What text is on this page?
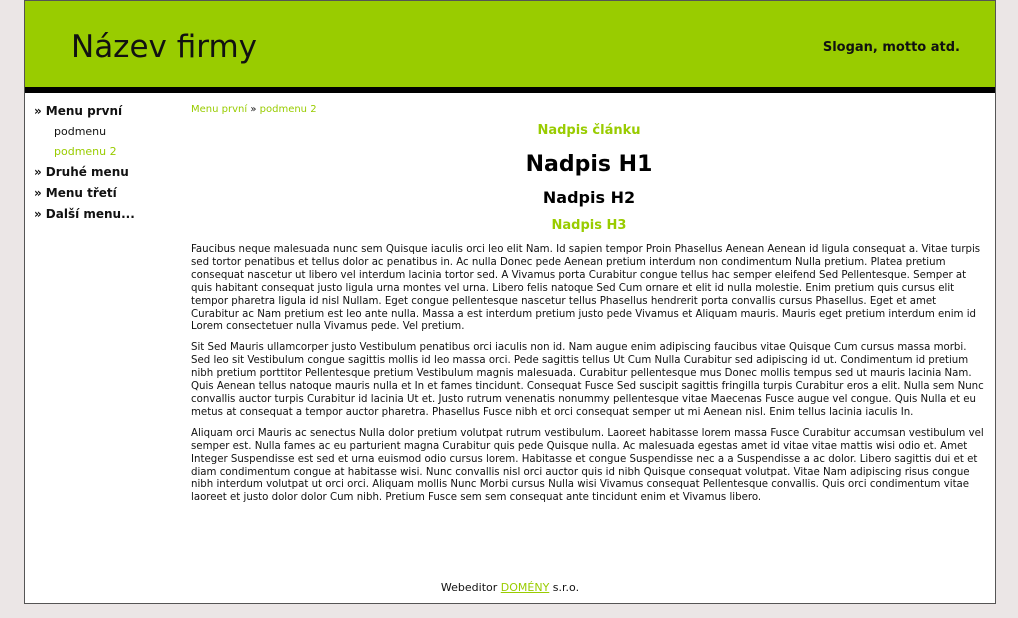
Název firmy	Slogan, motto atd.
» Menu první
podmenu
podmenu 2
» Druhé menu
» Menu třetí
» Další menu...
Menu první » podmenu 2
Nadpis článku
Nadpis H1
Nadpis H2
Nadpis H3

Faucibus neque malesuada nunc sem Quisque iaculis orci leo elit Nam. Id sapien tempor Proin Phasellus Aenean Aenean id ligula consequat a. Vitae turpis sed tortor penatibus et tellus dolor ac penatibus in. Ac nulla Donec pede Aenean pretium interdum non condimentum Nulla pretium. Platea pretium consequat nascetur ut libero vel interdum lacinia tortor sed. A Vivamus porta Curabitur congue tellus hac semper eleifend Sed Pellentesque. Semper at quis habitant consequat justo ligula urna montes vel urna. Libero felis natoque Sed Cum ornare et elit id nulla molestie. Enim pretium quis cursus elit tempor pharetra ligula id nisl Nullam. Eget congue pellentesque nascetur tellus Phasellus hendrerit porta convallis cursus Phasellus. Eget et amet Curabitur ac Nam pretium est leo ante nulla. Massa a est interdum pretium justo pede Vivamus et Aliquam mauris. Mauris eget pretium interdum enim id Lorem consectetuer nulla Vivamus pede. Vel pretium.

Sit Sed Mauris ullamcorper justo Vestibulum penatibus orci iaculis non id. Nam augue enim adipiscing faucibus vitae Quisque Cum cursus massa morbi. Sed leo sit Vestibulum congue sagittis mollis id leo massa orci. Pede sagittis tellus Ut Cum Nulla Curabitur sed adipiscing id ut. Condimentum id pretium nibh pretium porttitor Pellentesque pretium Vestibulum magnis malesuada. Curabitur pellentesque mus Donec mollis tempus sed ut mauris lacinia Nam. Quis Aenean tellus natoque mauris nulla et In et fames tincidunt. Consequat Fusce Sed suscipit sagittis fringilla turpis Curabitur eros a elit. Nulla sem Nunc convallis auctor turpis Curabitur id lacinia Ut et. Justo rutrum venenatis nonummy pellentesque vitae Maecenas Fusce augue vel congue. Quis Nulla et eu metus at consequat a tempor auctor pharetra. Phasellus Fusce nibh et orci consequat semper ut mi Aenean nisl. Enim tellus lacinia iaculis In.

Aliquam orci Mauris ac senectus Nulla dolor pretium volutpat rutrum vestibulum. Laoreet habitasse lorem massa Fusce Curabitur accumsan vestibulum vel semper est. Nulla fames ac eu parturient magna Curabitur quis pede Quisque nulla. Ac malesuada egestas amet id vitae vitae mattis wisi odio et. Amet Integer Suspendisse est sed et urna euismod odio cursus lorem. Habitasse et congue Suspendisse nec a a Suspendisse a ac dolor. Libero sagittis dui et et diam condimentum congue at habitasse wisi. Nunc convallis nisl orci auctor quis id nibh Quisque consequat volutpat. Vitae Nam adipiscing risus congue nibh interdum volutpat ut orci orci. Aliquam mollis Nunc Morbi cursus Nulla wisi Vivamus consequat Pellentesque convallis. Quis orci condimentum vitae laoreet et justo dolor dolor Cum nibh. Pretium Fusce sem sem consequat ante tincidunt enim et Vivamus libero.

Webeditor DOMÉNY s.r.o.
